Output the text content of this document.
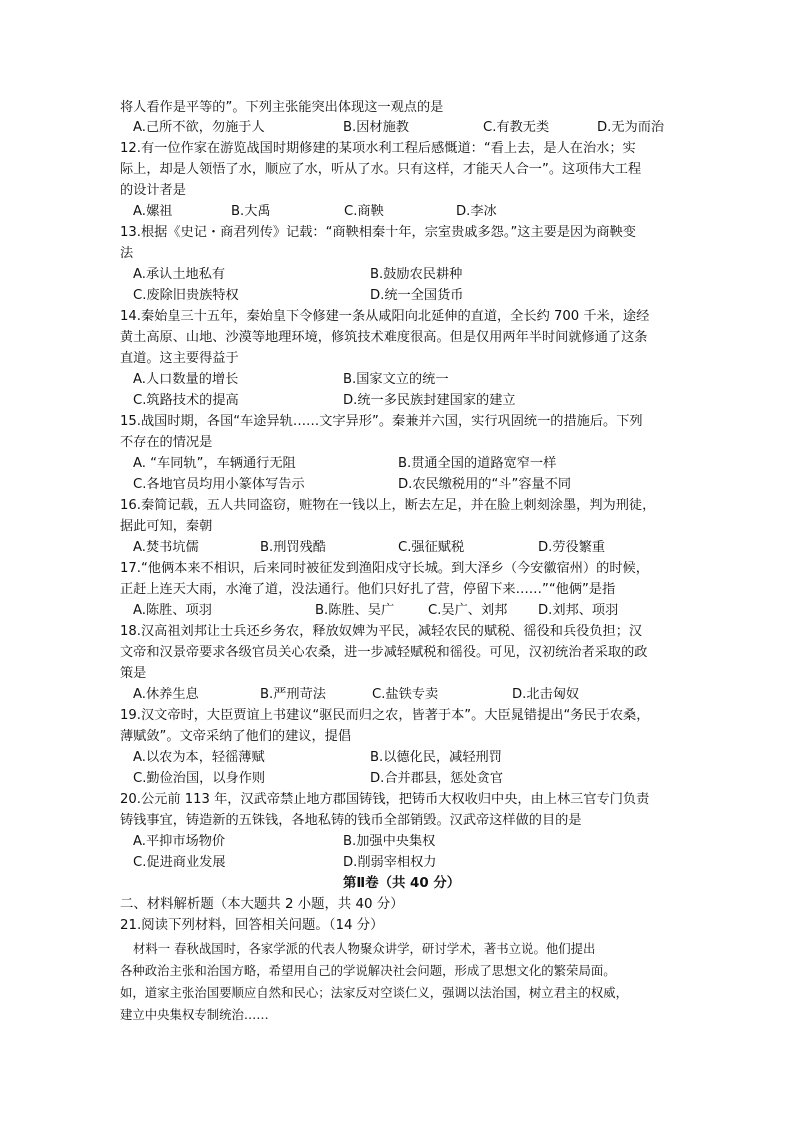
将人看作是平等的”。下列主张能突出体现这一观点的是
A.己所不欲，勿施于人	B.因材施教	C.有教无类	D.无为而治
12.有一位作家在游览战国时期修建的某项水利工程后感慨道：“看上去，是人在治水；实
际上，却是人领悟了水，顺应了水，听从了水。只有这样，才能天人合一”。这项伟大工程
的设计者是
A.嫘祖	B.大禹	C.商鞅	D.李冰
13.根据《史记・商君列传》记载：“商鞅相秦十年，宗室贵戚多怨。”这主要是因为商鞅变
法
A.承认土地私有	B.鼓励农民耕种
C.废除旧贵族特权	D.统一全国货币
14.秦始皇三十五年，秦始皇下令修建一条从咸阳向北延伸的直道，全长约 700 千米，途经
黄土高原、山地、沙漠等地理环境，修筑技术难度很高。但是仅用两年半时间就修通了这条
直道。这主要得益于
A.人口数量的增长	B.国家文立的统一
C.筑路技术的提高	D.统一多民族封建国家的建立
15.战国时期，各国“车途异轨……文字异形”。秦兼并六国，实行巩固统一的措施后。下列
不存在的情况是
A. “车同轨”，车辆通行无阻	B.贯通全国的道路宽窄一样
C.各地官员均用小篆体写告示	D.农民缴税用的“斗”容量不同
16.秦简记载，五人共同盗窃，赃物在一钱以上，断去左足，并在脸上刺刻涂墨，判为刑徒，
据此可知，秦朝
A.焚书坑儒	B.刑罚残酷	C.强征赋税	D.劳役繁重
17.“他俩本来不相识，后来同时被征发到渔阳戍守长城。到大泽乡（今安徽宿州）的时候，
正赶上连天大雨，水淹了道，没法通行。他们只好扎了营，停留下来……”“他俩”是指
A.陈胜、项羽	B.陈胜、吴广	C.吴广、刘邦 D.刘邦、项羽
18.汉高祖刘邦让士兵还乡务农，释放奴婢为平民，减轻农民的赋税、徭役和兵役负担；汉
文帝和汉景帝要求各级官员关心农桑，进一步减轻赋税和徭役。可见，汉初统治者采取的政
策是
A.休养生息	B.严刑苛法	C.盐铁专卖	D.北击匈奴
19.汉文帝时，大臣贾谊上书建议“驱民而归之农，皆著于本”。大臣晁错提出“务民于农桑，
薄赋敛”。文帝采纳了他们的建议，提倡
A.以农为本，轻徭薄赋	B.以德化民，减轻刑罚
C.勤俭治国，以身作则	D.合并郡县，惩处贪官
20.公元前 113 年，汉武帝禁止地方郡国铸钱，把铸币大权收归中央，由上林三官专门负责
铸钱事宜，铸造新的五铢钱，各地私铸的钱币全部销毁。汉武帝这样做的目的是
A.平抑市场物价	B.加强中央集权
C.促进商业发展	D.削弱宰相权力
第Ⅱ卷（共 40 分）
二、材料解析题（本大题共 2 小题，共 40 分）
21.阅读下列材料，回答相关问题。（14 分）
材料一 春秋战国时，各家学派的代表人物聚众讲学，研讨学术，著书立说。他们提出
各种政治主张和治国方略，希望用自己的学说解决社会问题，形成了思想文化的繁荣局面。
如，道家主张治国要顺应自然和民心；法家反对空谈仁义，强调以法治国，树立君主的权威，
建立中央集权专制统治……
